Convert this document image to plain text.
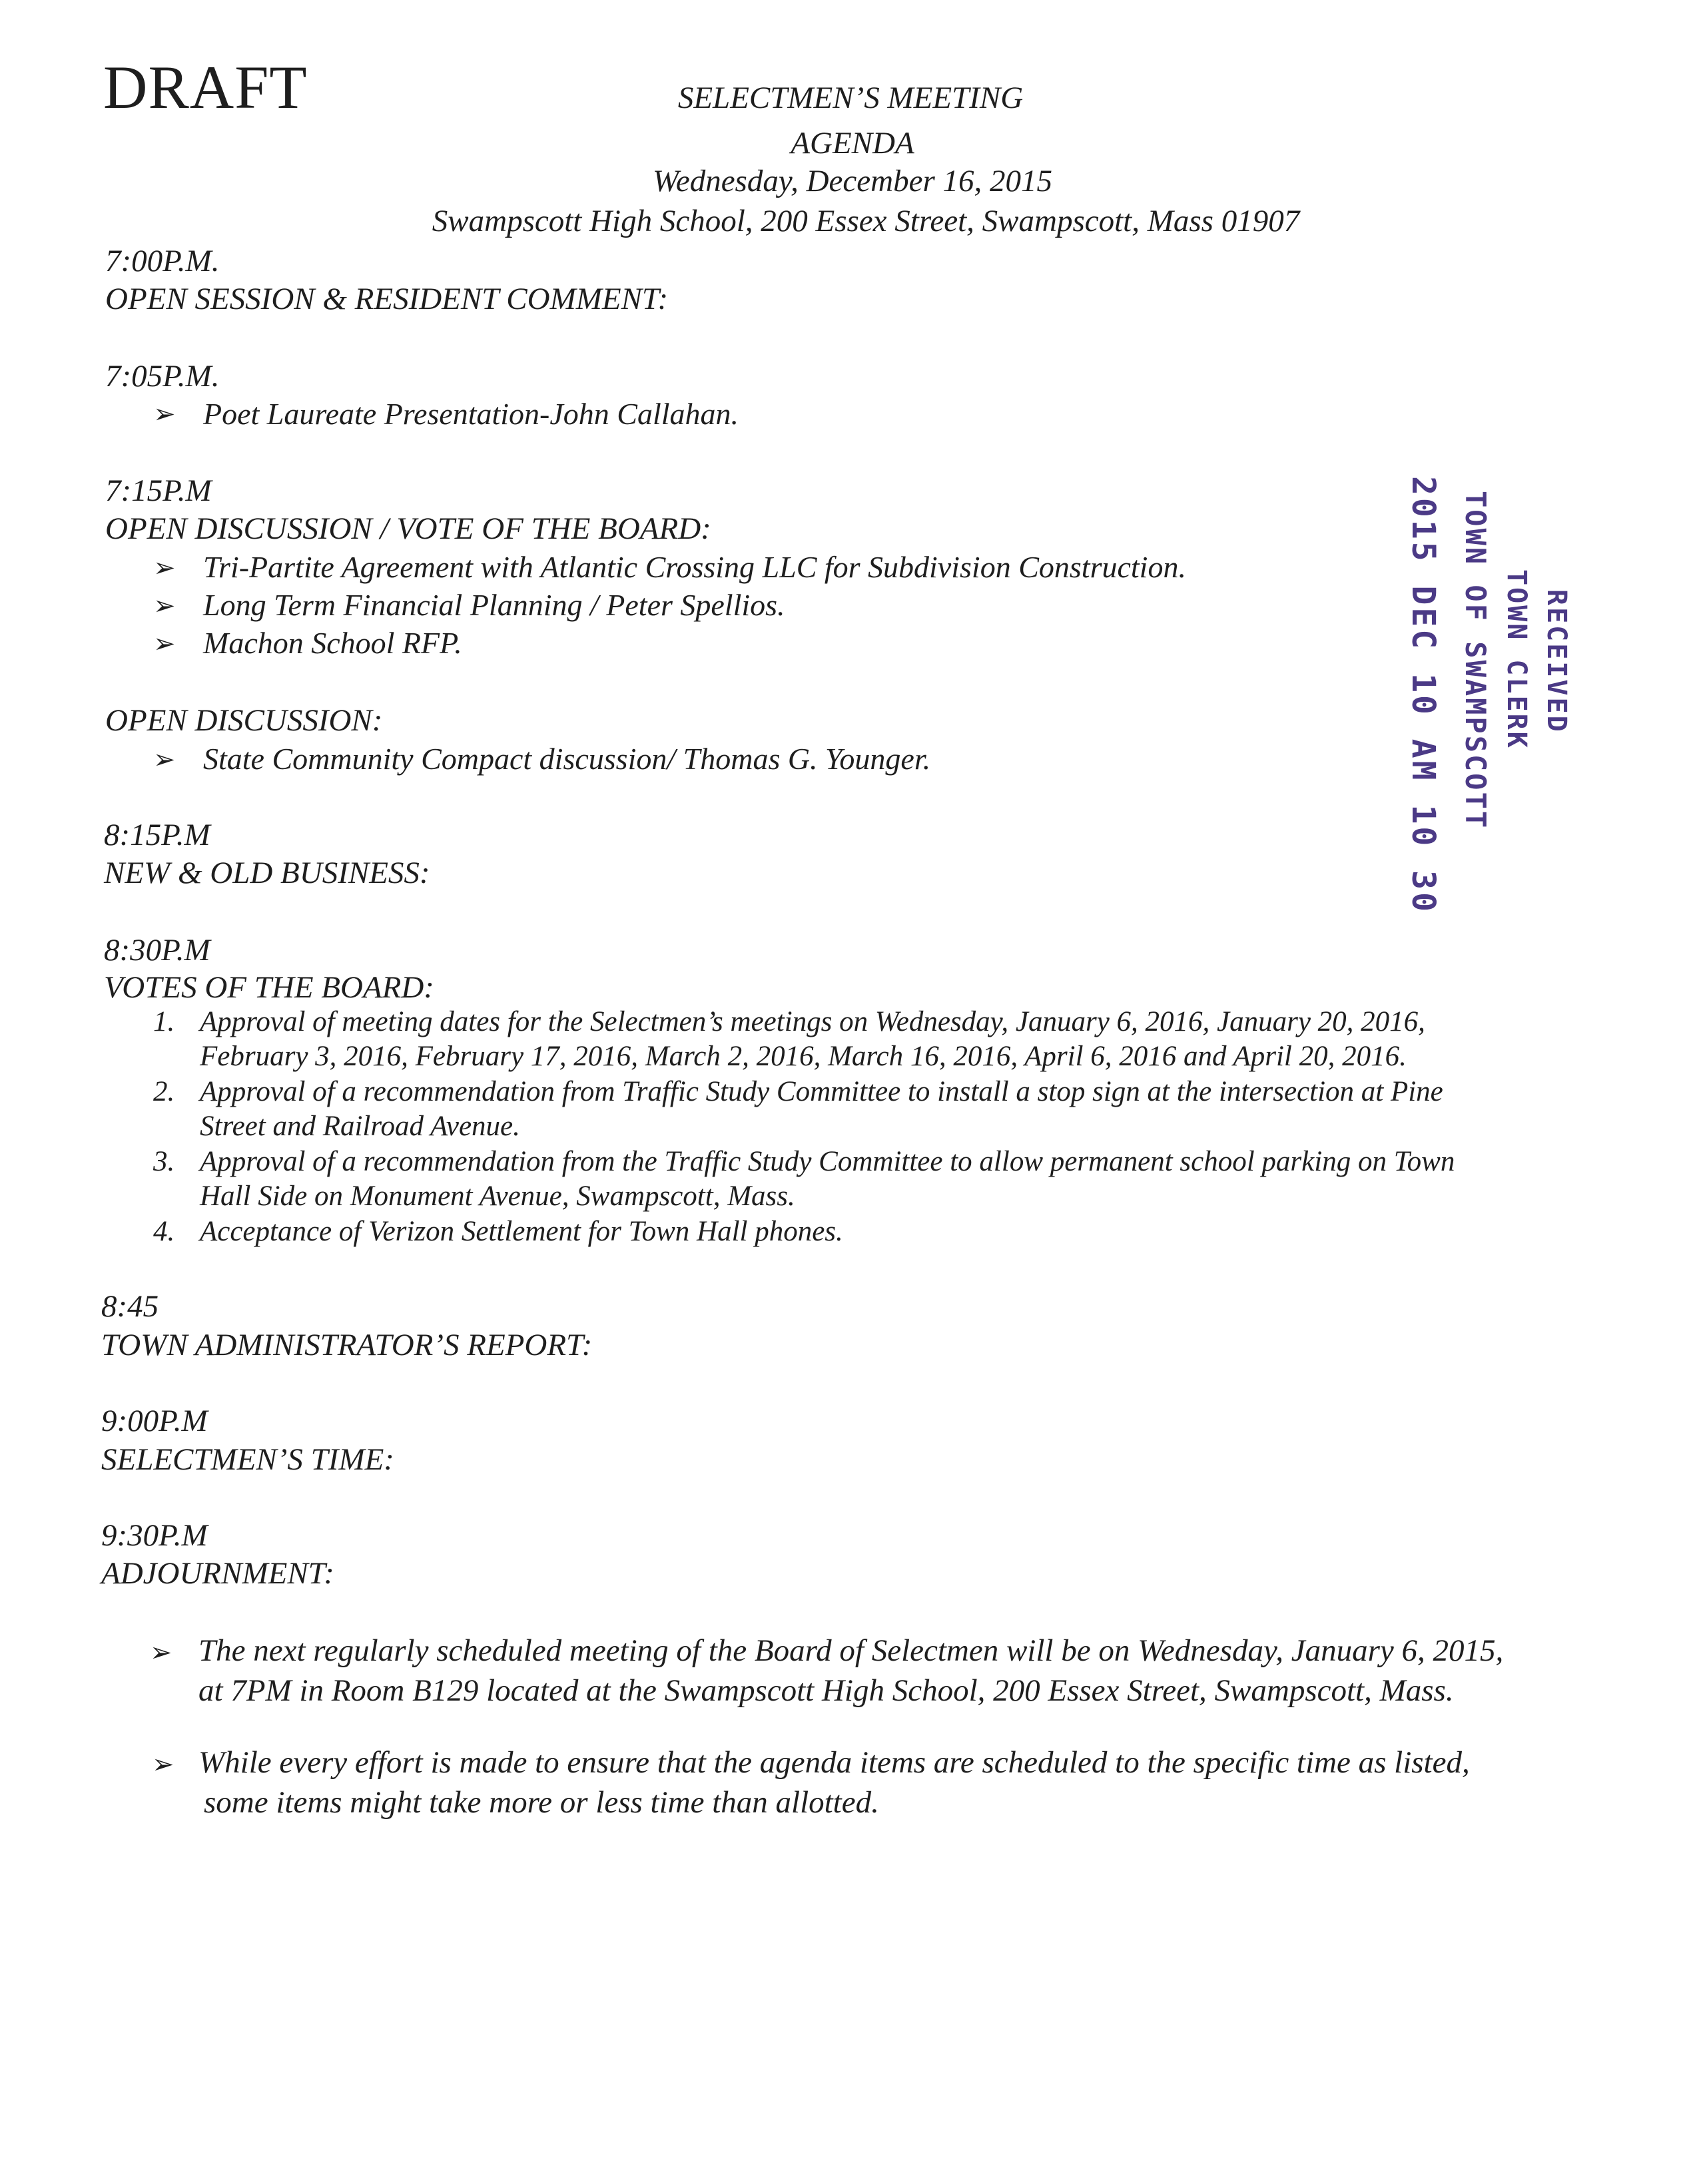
DRAFT	SELECTMEN’S MEETING
AGENDA
Wednesday, December 16, 2015
Swampscott High School, 200 Essex Street, Swampscott, Mass 01907
7:00P.M.
OPEN SESSION & RESIDENT COMMENT:
7:05P.M.
➢ Poet Laureate Presentation-John Callahan.
7:15P.M
OPEN DISCUSSION / VOTE OF THE BOARD:
➢ Tri-Partite Agreement with Atlantic Crossing LLC for Subdivision Construction.
➢ Long Term Financial Planning / Peter Spellios.
➢ Machon School RFP.
OPEN DISCUSSION:
➢ State Community Compact discussion/ Thomas G. Younger.
8:15P.M
NEW & OLD BUSINESS:
8:30P.M
VOTES OF THE BOARD:
1. Approval of meeting dates for the Selectmen’s meetings on Wednesday, January 6, 2016, January 20, 2016,
February 3, 2016, February 17, 2016, March 2, 2016, March 16, 2016, April 6, 2016 and April 20, 2016.
2. Approval of a recommendation from Traffic Study Committee to install a stop sign at the intersection at Pine
Street and Railroad Avenue.
3. Approval of a recommendation from the Traffic Study Committee to allow permanent school parking on Town
Hall Side on Monument Avenue, Swampscott, Mass.
4. Acceptance of Verizon Settlement for Town Hall phones.
8:45
TOWN ADMINISTRATOR’S REPORT:
9:00P.M
SELECTMEN’S TIME:
9:30P.M
ADJOURNMENT:
➢ The next regularly scheduled meeting of the Board of Selectmen will be on Wednesday, January 6, 2015,
at 7PM in Room B129 located at the Swampscott High School, 200 Essex Street, Swampscott, Mass.
➢ While every effort is made to ensure that the agenda items are scheduled to the specific time as listed,
some items might take more or less time than allotted.
RECEIVED
TOWN CLERK
TOWN OF SWAMPSCOTT
2015 DEC 10 AM 10 30
